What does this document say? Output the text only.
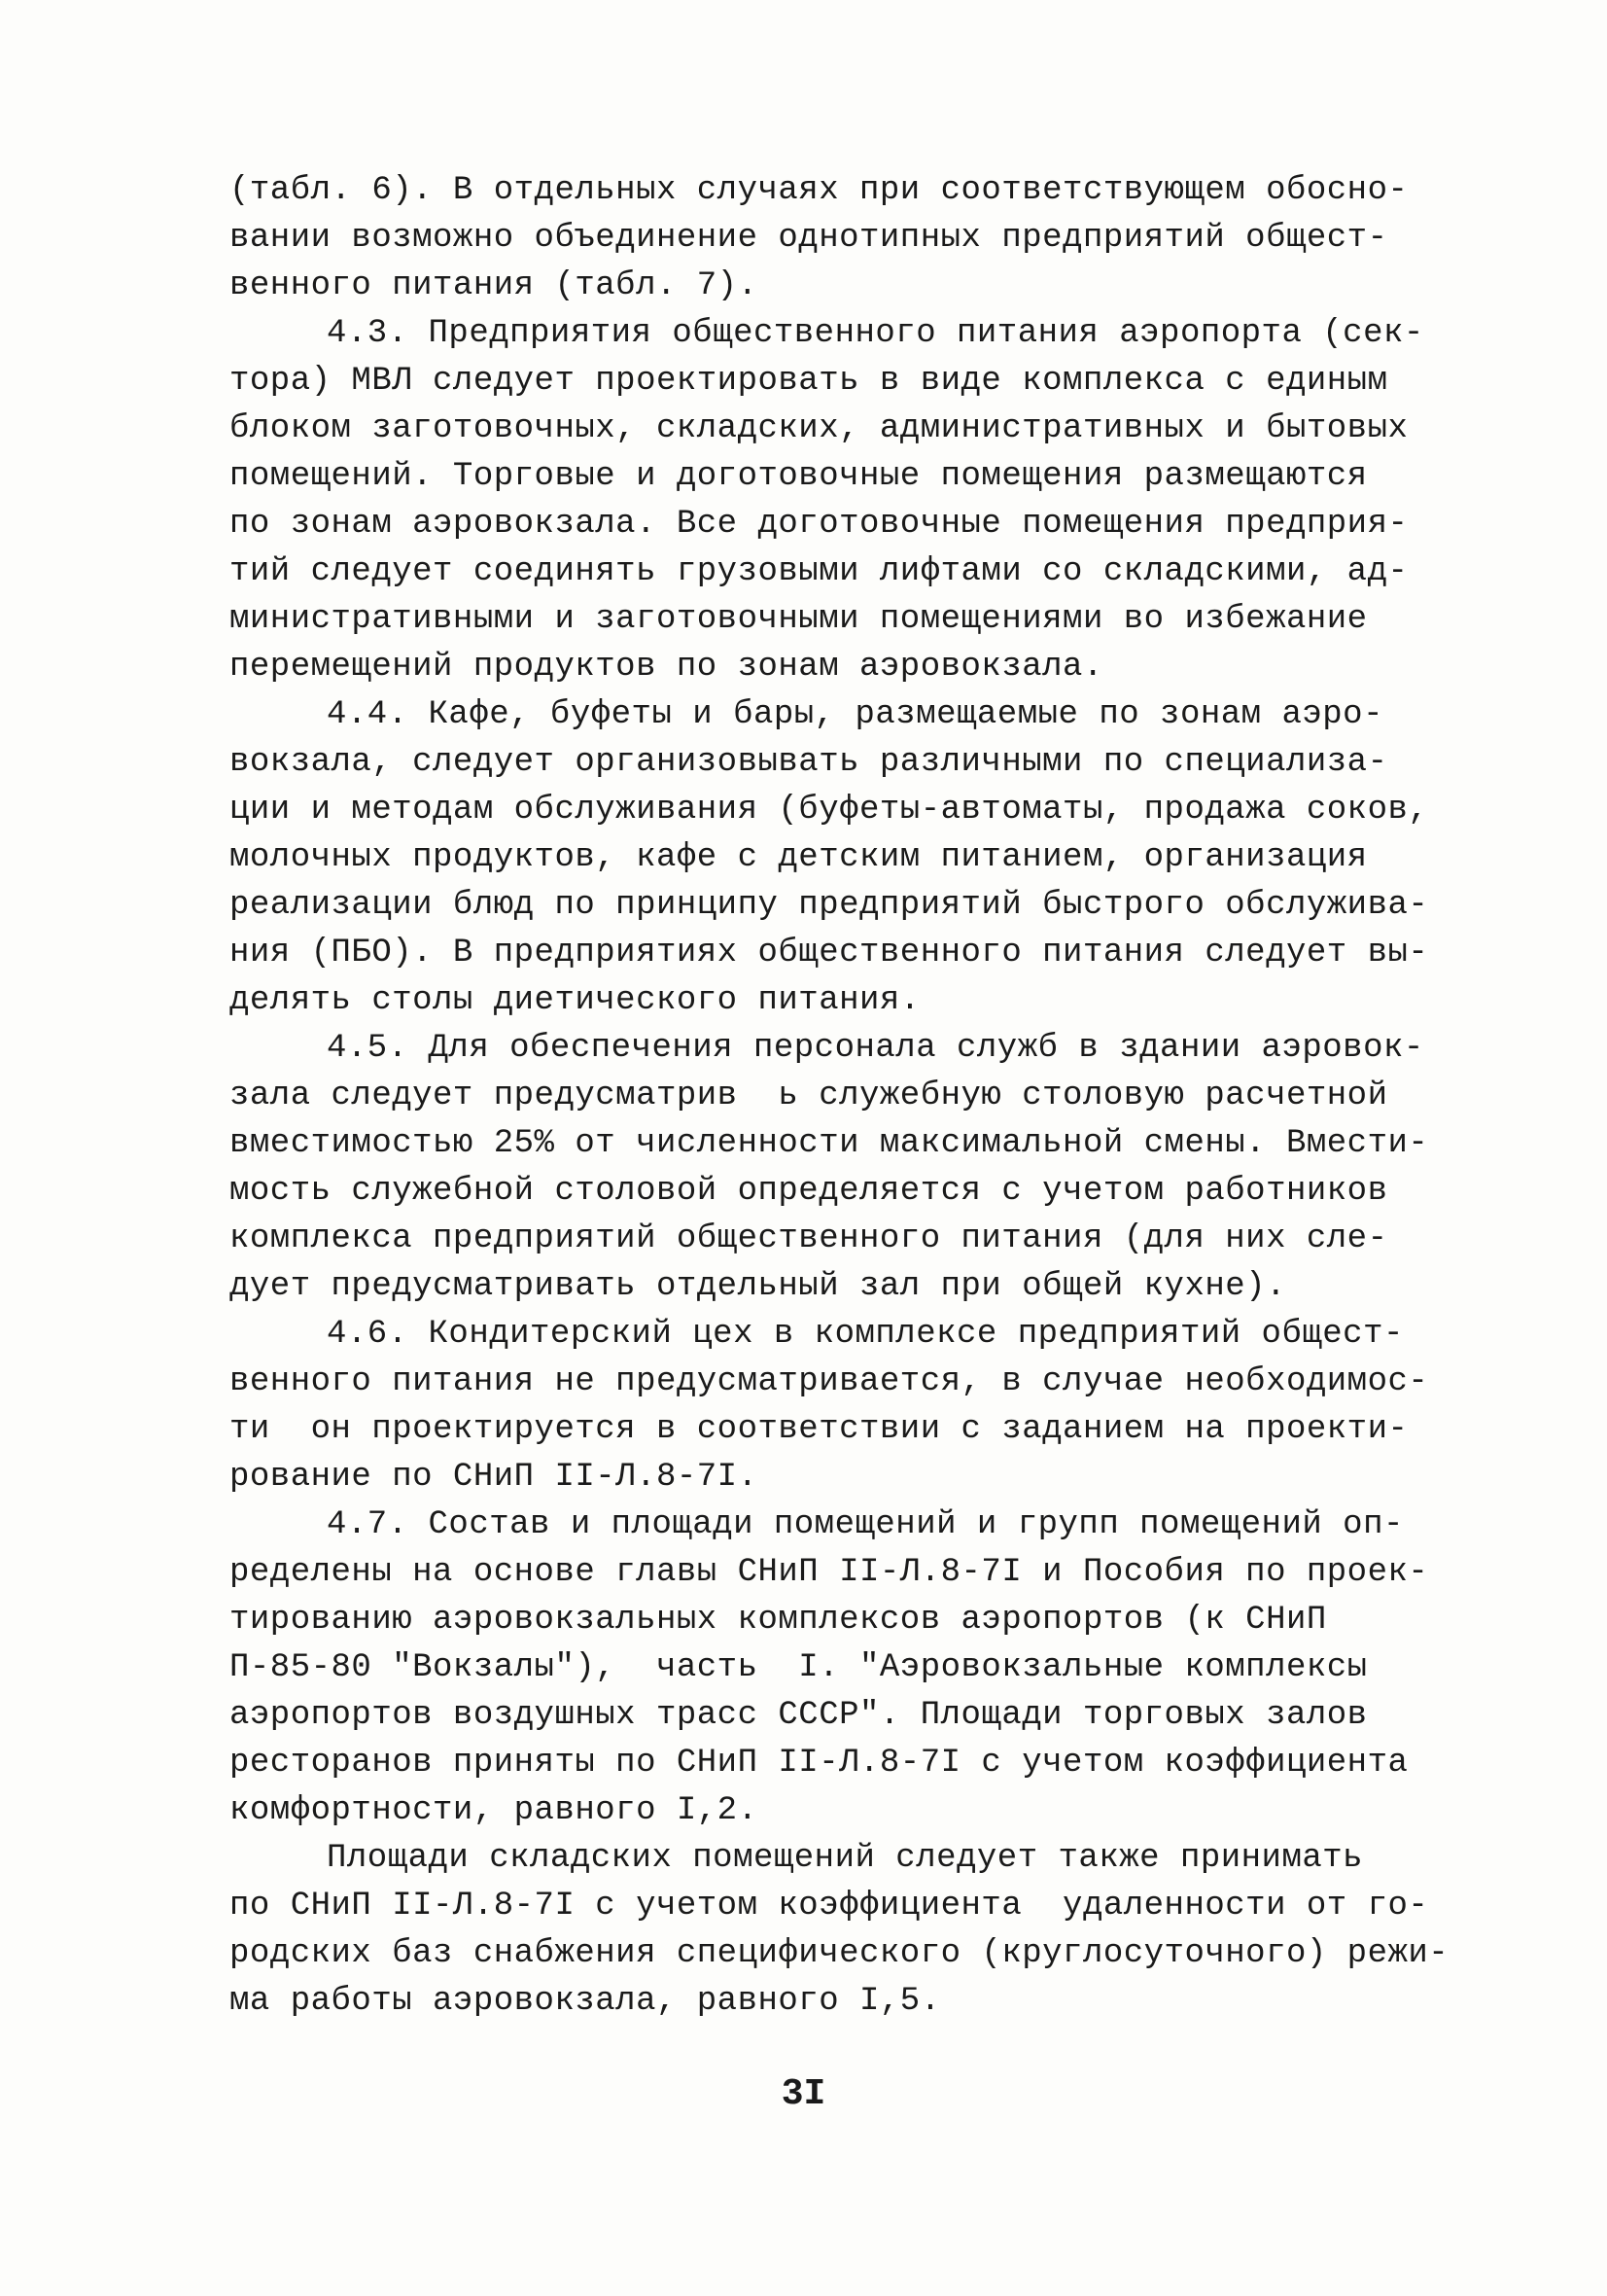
(табл. 6). В отдельных случаях при соответствующем обосно-
вании возможно объединение однотипных предприятий общест-
венного питания (табл. 7).
4.3. Предприятия общественного питания аэропорта (сек-
тора) МВЛ следует проектировать в виде комплекса с единым
блоком заготовочных, складских, административных и бытовых
помещений. Торговые и доготовочные помещения размещаются
по зонам аэровокзала. Все доготовочные помещения предприя-
тий следует соединять грузовыми лифтами со складскими, ад-
министративными и заготовочными помещениями во избежание
перемещений продуктов по зонам аэровокзала.
4.4. Кафе, буфеты и бары, размещаемые по зонам аэро-
вокзала, следует организовывать различными по специализа-
ции и методам обслуживания (буфеты-автоматы, продажа соков,
молочных продуктов, кафе с детским питанием, организация
реализации блюд по принципу предприятий быстрого обслужива-
ния (ПБО). В предприятиях общественного питания следует вы-
делять столы диетического питания.
4.5. Для обеспечения персонала служб в здании аэровок-
зала следует предусматрив  ь служебную столовую расчетной
вместимостью 25% от численности максимальной смены. Вмести-
мость служебной столовой определяется с учетом работников
комплекса предприятий общественного питания (для них сле-
дует предусматривать отдельный зал при общей кухне).
4.6. Кондитерский цех в комплексе предприятий общест-
венного питания не предусматривается, в случае необходимос-
ти  он проектируется в соответствии с заданием на проекти-
рование по СНиП II-Л.8-7I.
4.7. Состав и площади помещений и групп помещений оп-
ределены на основе главы СНиП II-Л.8-7I и Пособия по проек-
тированию аэровокзальных комплексов аэропортов (к СНиП
П-85-80 "Вокзалы"),  часть  I. "Аэровокзальные комплексы
аэропортов воздушных трасс СССР". Площади торговых залов
ресторанов приняты по СНиП II-Л.8-7I с учетом коэффициента
комфортности, равного I,2.
Площади складских помещений следует также принимать
по СНиП II-Л.8-7I с учетом коэффициента  удаленности от го-
родских баз снабжения специфического (круглосуточного) режи-
ма работы аэровокзала, равного I,5.
3I
